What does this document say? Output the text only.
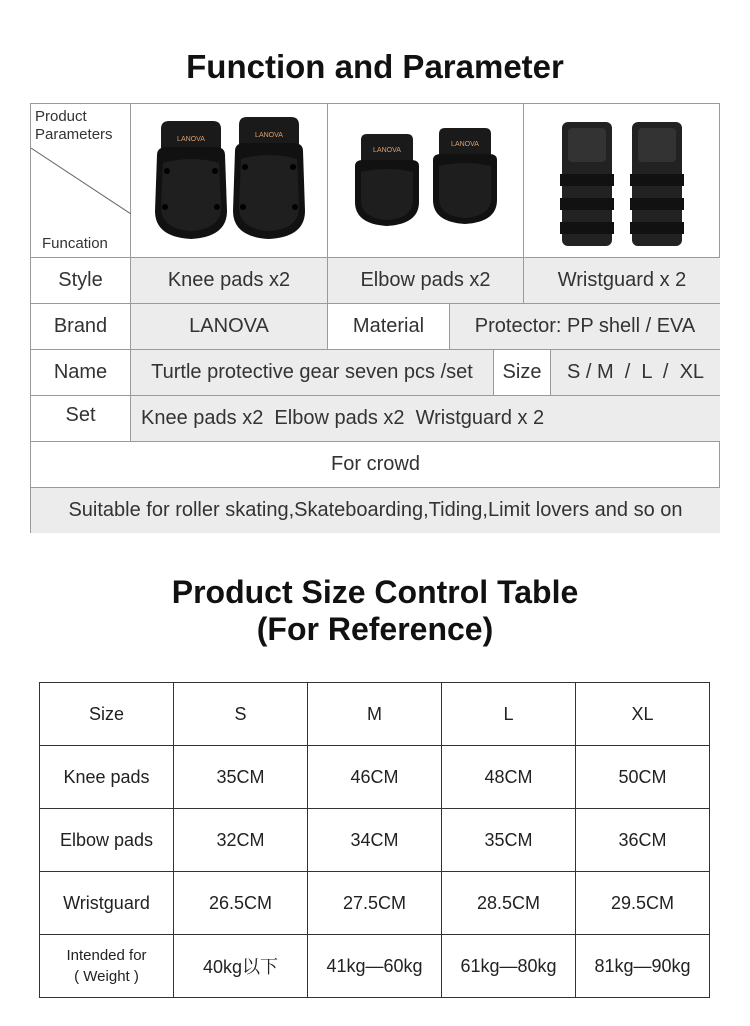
Function and Parameter
Product
Parameters
Funcation
LANOVA
LANOVA
LANOVA
LANOVA
Style	Knee pads x2	Elbow pads x2	Wristguard x 2
Brand	LANOVA	Material	Protector: PP shell / EVA
Name	Turtle protective gear seven pcs /set	Size	S / M  /  L  /  XL
Set	Knee pads x2  Elbow pads x2  Wristguard x 2
For crowd
Suitable for roller skating,Skateboarding,Tiding,Limit lovers and so on
Product Size Control Table
(For Reference)
Size	S	M	L	XL
Knee pads	35CM	46CM	48CM	50CM
Elbow pads	32CM	34CM	35CM	36CM
Wristguard	26.5CM	27.5CM	28.5CM	29.5CM

Intended for
( Weight )	40kg以下	41kg—60kg	61kg—80kg	81kg—90kg
